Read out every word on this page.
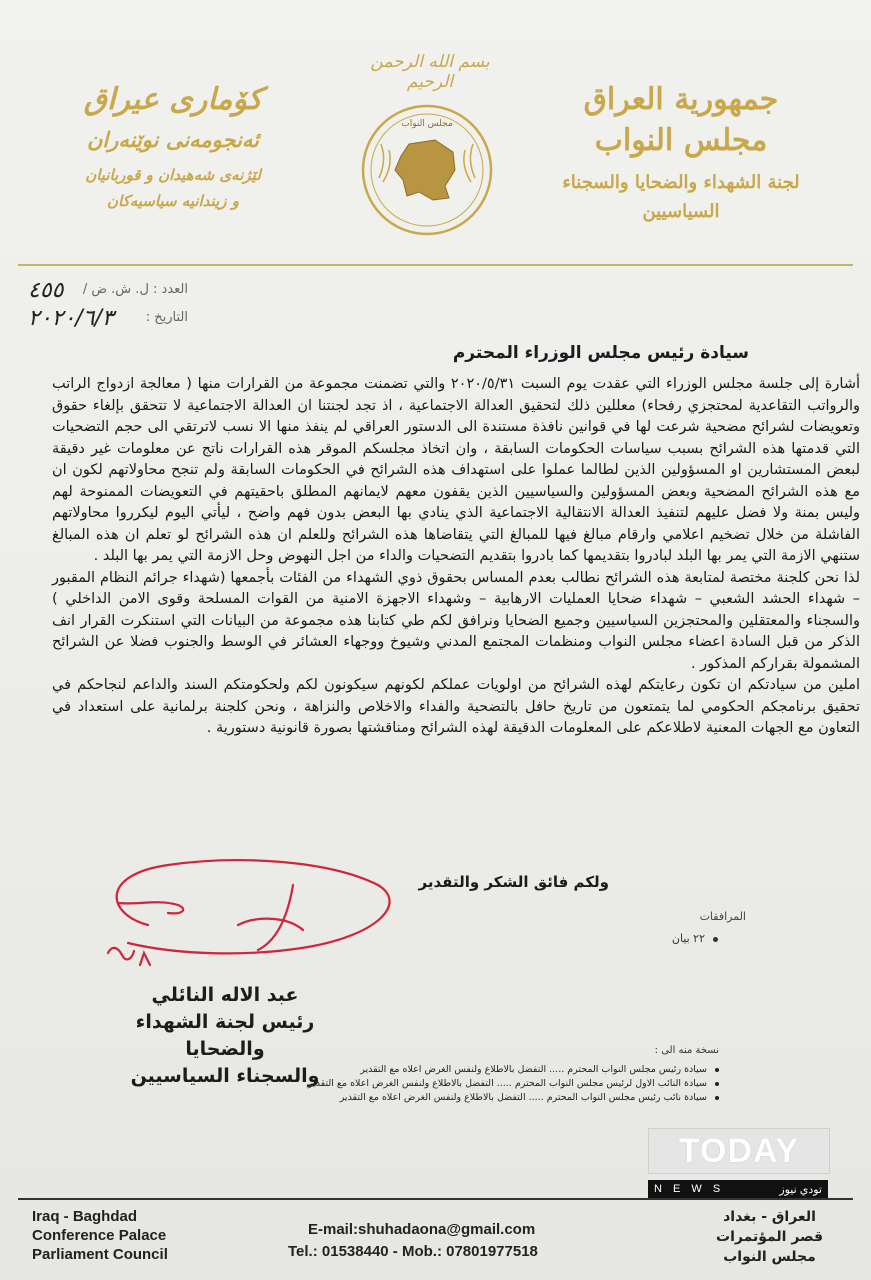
بسم الله الرحمن الرحيم	جمهورية العراق
مجلس النواب
لجنة الشهداء والضحايا والسجناء
السياسيين
كۆماری عیراق
ئه‌نجومه‌نی نوێنه‌ران
لێژنه‌ی شه‌هیدان و قوربانیان
و زیندانیه‌ سیاسیه‌کان
مجلس النواب
العدد : ل. ش. ض /
٤٥٥
التاريخ :
٢٠٢٠/٦/٣
سيادة رئيس مجلس الوزراء المحترم

أشارة إلى جلسة مجلس الوزراء التي عقدت يوم السبت ٢٠٢٠/٥/٣١ والتي تضمنت مجموعة من القرارات منها ( معالجة ازدواج الراتب والرواتب التقاعدية لمحتجزي رفحاء) معللين ذلك لتحقيق العدالة الاجتماعية ، اذ تجد لجنتنا ان العدالة الاجتماعية لا تتحقق بإلغاء حقوق وتعويضات لشرائح مضحية شرعت لها في قوانين نافذة مستندة الى الدستور العراقي لم ينفذ منها الا نسب لاترتقي الى حجم التضحيات التي قدمتها هذه الشرائح بسبب سياسات الحكومات السابقة ، وان اتخاذ مجلسكم الموقر هذه القرارات ناتج عن معلومات غير دقيقة لبعض المستشارين او المسؤولين الذين لطالما عملوا على استهداف هذه الشرائح في الحكومات السابقة ولم تنجح محاولاتهم لكون ان مع هذه الشرائح المضحية وبعض المسؤولين والسياسيين الذين يقفون معهم لايمانهم المطلق باحقيتهم في التعويضات الممنوحة لهم وليس بمنة ولا فضل عليهم لتنفيذ العدالة الانتقالية الاجتماعية الذي ينادي بها البعض بدون فهم واضح ، ليأتي اليوم ليكرروا محاولاتهم الفاشلة من خلال تضخيم اعلامي وارقام مبالغ فيها للمبالغ التي يتقاضاها هذه الشرائح وللعلم ان هذه الشرائح لو تعلم ان هذه المبالغ ستنهي الازمة التي يمر بها البلد لبادروا بتقديمها كما بادروا بتقديم التضحيات والداء من اجل النهوض وحل الازمة التي يمر بها البلد .

لذا نحن كلجنة مختصة لمتابعة هذه الشرائح نطالب بعدم المساس بحقوق ذوي الشهداء من الفئات بأجمعها (شهداء جرائم النظام المقبور – شهداء الحشد الشعبي – شهداء ضحايا العمليات الارهابية – وشهداء الاجهزة الامنية من القوات المسلحة وقوى الامن الداخلي ) والسجناء والمعتقلين والمحتجزين السياسيين وجميع الضحايا ونرافق لكم طي كتابنا هذه مجموعة من البيانات التي استنكرت القرار انف الذكر من قبل السادة اعضاء مجلس النواب ومنظمات المجتمع المدني وشيوخ ووجهاء العشائر في الوسط والجنوب فضلا عن الشرائح المشمولة بقراركم المذكور .

املين من سيادتكم ان تكون رعايتكم لهذه الشرائح من اولويات عملكم لكونهم سيكونون لكم ولحكومتكم السند والداعم لنجاحكم في تحقيق برنامجكم الحكومي لما يتمتعون من تاريخ حافل بالتضحية والفداء والاخلاص والنزاهة ، ونحن كلجنة برلمانية على استعداد في التعاون مع الجهات المعنية لاطلاعكم على المعلومات الدقيقة لهذه الشرائح ومناقشتها بصورة قانونية دستورية .

ولكم فائق الشكر والتقدير
المرافقات
٢٢ بيان
عبد الاله النائلي
رئيس لجنة الشهداء والضحايا
والسجناء السياسيين
نسخة منه الى :
سيادة رئيس مجلس النواب المحترم ..... التفضل بالاطلاع ولنفس الغرض اعلاه مع التقدير
سيادة النائب الاول لرئيس مجلس النواب المحترم ..... التفضل بالاطلاع ولنفس الغرض اعلاه مع التقدير
سيادة نائب رئيس مجلس النواب المحترم ..... التفضل بالاطلاع ولنفس الغرض اعلاه مع التقدير
TODAY
N E W S	تودي نيوز
Iraq - Baghdad
Conference Palace
Parliament Council
E-mail:shuhadaona@gmail.com
Tel.: 01538440 - Mob.: 07801977518
العراق - بغداد
قصر المؤتمرات
مجلس النواب
